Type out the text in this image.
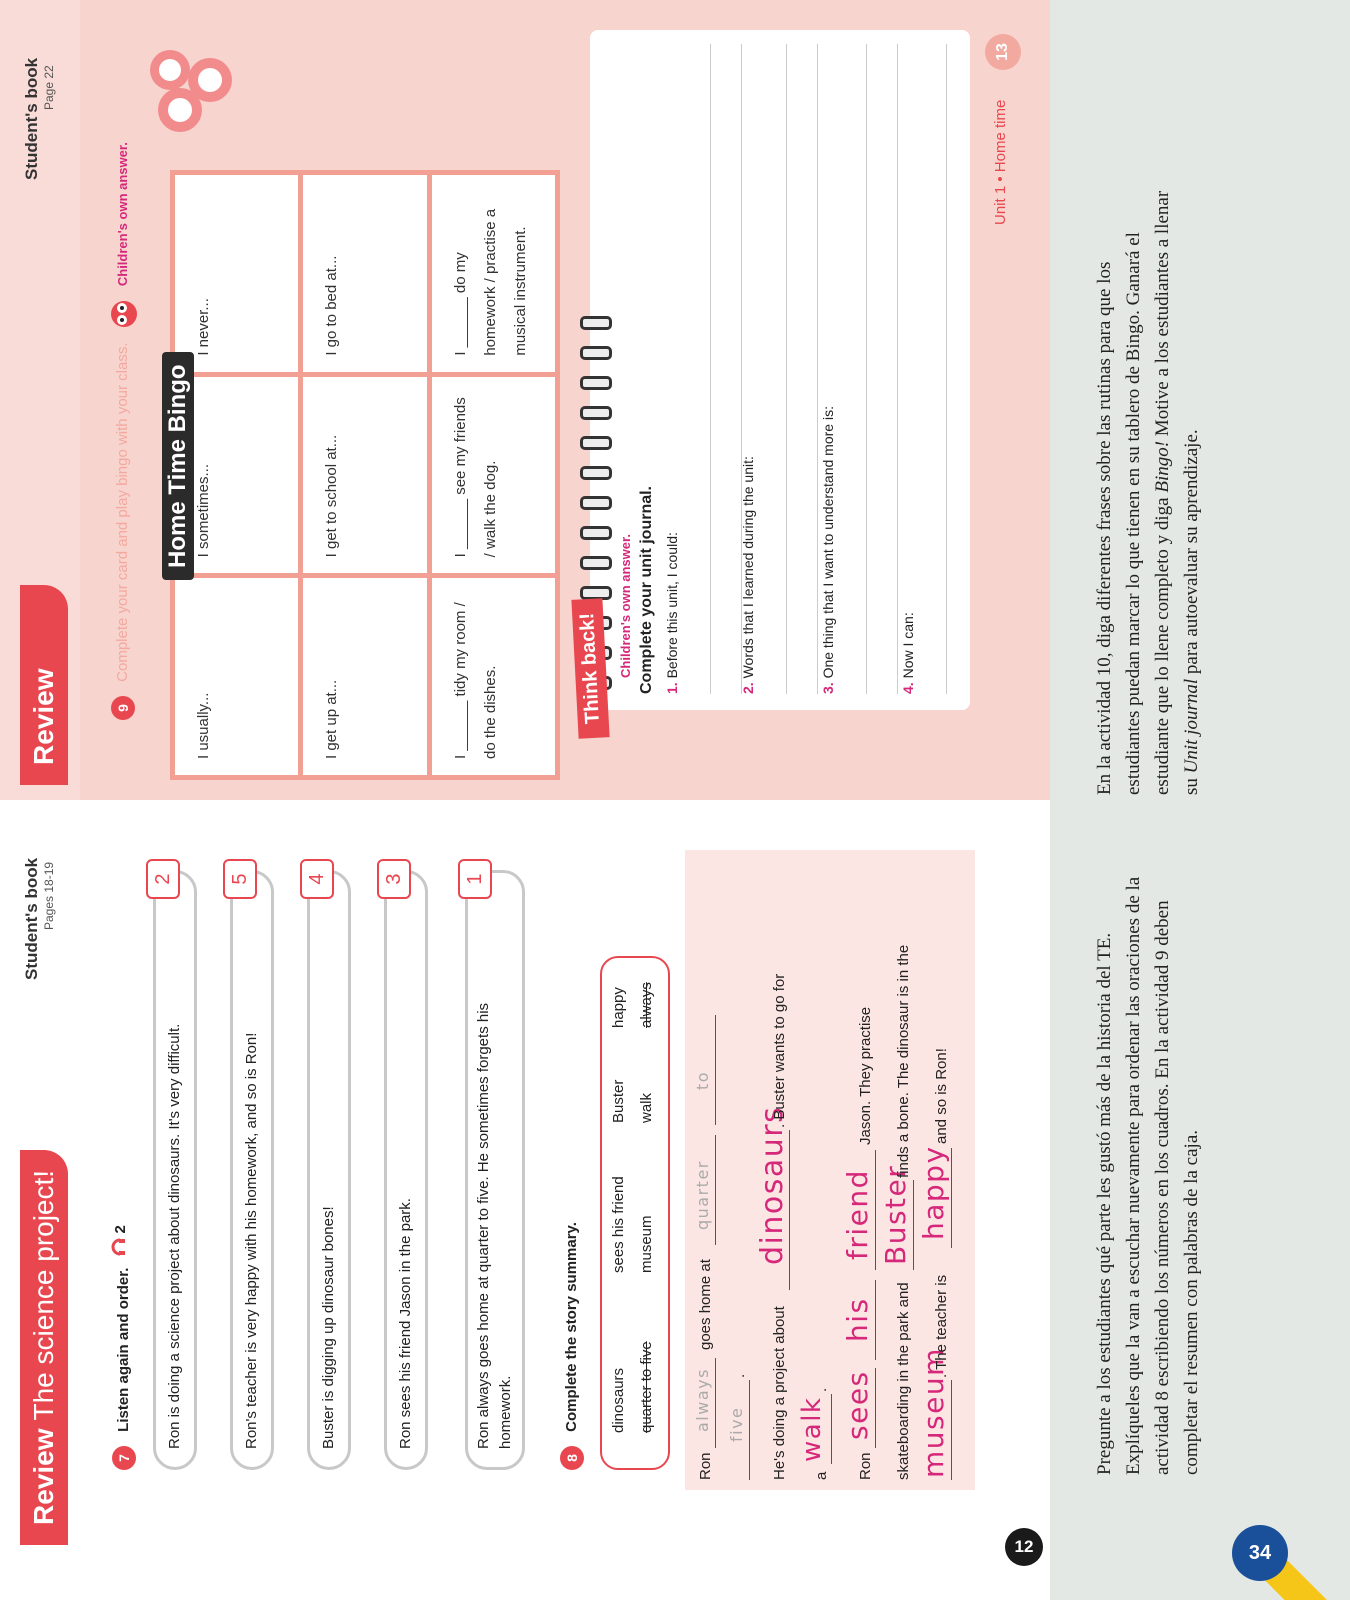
Review
Student's book Page 22
9 Complete your card and play bingo with your class.  Children's own answer.
I usually...
I sometimes...
I never...
I get up at...
I get to school at...
I go to bed at...
I ______ tidy my room / do the dishes.
I ______ see my friends / walk the dog.
I ______ do my homework / practise a musical instrument.
Home Time Bingo
Children's own answer. Complete your unit journal. 1. Before this unit, I could:
2. Words that I learned during the unit:
3. One thing that I want to understand more is:
4. Now I can:
Think back!
Unit 1 • Home time
13
Review
The science project!
Student's book Pages 18-19
7 Listen again and order.
2	Ron is doing a science project about dinosaurs. It's very difficult.
2
Ron's teacher is very happy with his homework, and so is Ron!
5
Buster is digging up dinosaur bones!
4
Ron sees his friend Jason in the park.
3
Ron always goes home at quarter to five. He sometimes forgets his homework.
1
8 Complete the story summary. dinosaurs quarter to five
sees his friend museum
Buster walk
happy always
Ron
always
goes home at
quarter
to
five
. He's doing a project about
dinosaurs
. Buster wants to go for
a
walk
.
Ron
sees
his
friend
Jason. They practise
skateboarding in the park and
Buster
finds a bone. The dinosaur is in the
museum
. The teacher is
happy
and so is Ron!
12
Pregunte a los estudiantes qué parte les gustó más de la historia del TE. Explíqueles que la van a escuchar nuevamente para ordenar las oraciones de la actividad 8 escribiendo los números en los cuadros. En la actividad 9 deben completar el resumen con palabras de la caja.
En la actividad 10, diga diferentes frases sobre las rutinas para que los estudiantes puedan marcar lo que tienen en su tablero de Bingo. Ganará el estudiante que lo llene completo y diga Bingo! Motive a los estudiantes a llenar su Unit journal para autoevaluar su aprendizaje.
34
